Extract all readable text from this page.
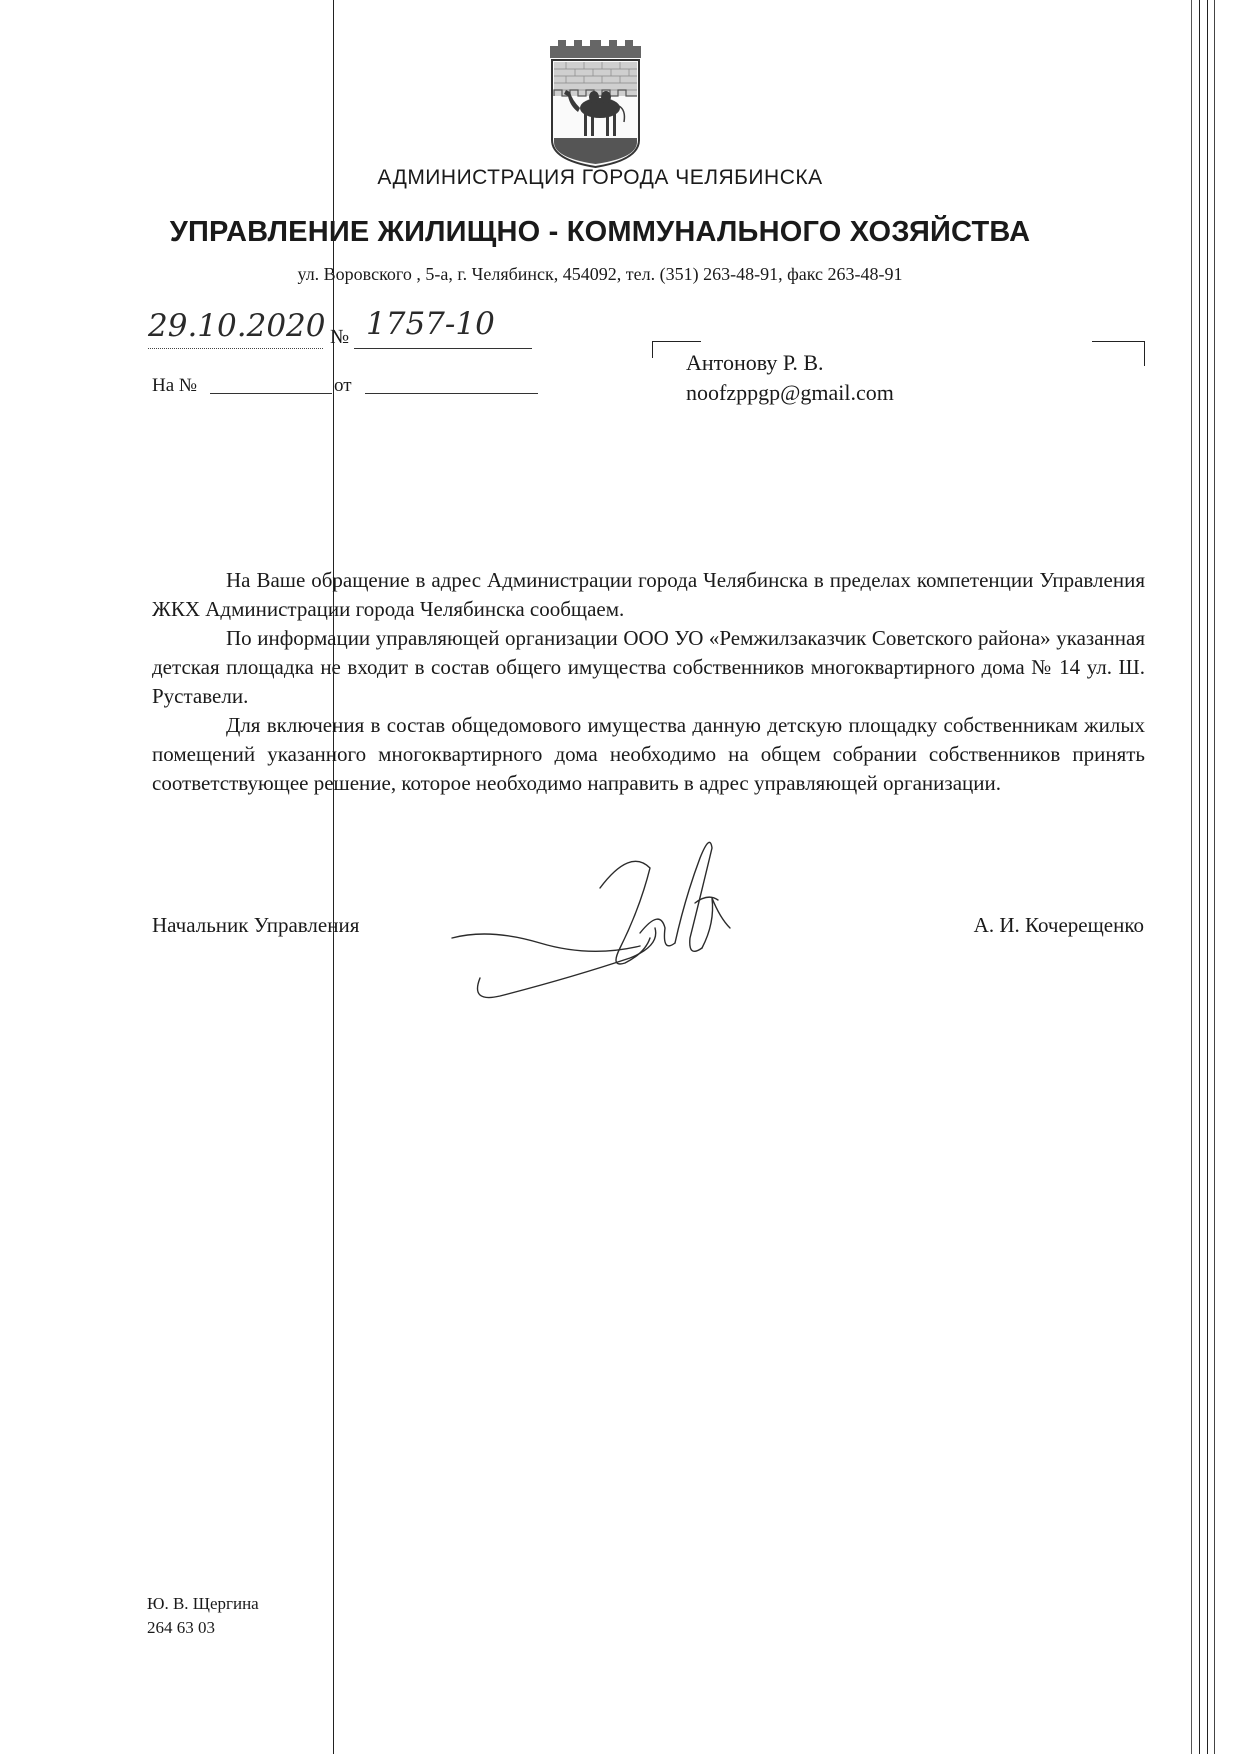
АДМИНИСТРАЦИЯ ГОРОДА ЧЕЛЯБИНСКА
УПРАВЛЕНИЕ ЖИЛИЩНО - КОММУНАЛЬНОГО ХОЗЯЙСТВА
ул. Воровского , 5-а, г. Челябинск, 454092, тел. (351) 263-48-91, факс 263-48-91
29.10.2020 № 1757-10
На №	от
Антонову Р. В.
noofzppgp@gmail.com

На Ваше обращение в адрес Администрации города Челябинска в пределах компетенции Управления ЖКХ Администрации города Челябинска сообщаем.

По информации управляющей организации ООО УО «Ремжилзаказчик Советского района» указанная детская площадка не входит в состав общего имущества собственников многоквартирного дома № 14 ул. Ш. Руставели.

Для включения в состав общедомового имущества данную детскую площадку собственникам жилых помещений указанного многоквартирного дома необходимо на общем собрании собственников принять соответствующее решение, которое необходимо направить в адрес управляющей организации.

Начальник Управления	А. И. Кочерещенко
Ю. В. Щергина
264 63 03
